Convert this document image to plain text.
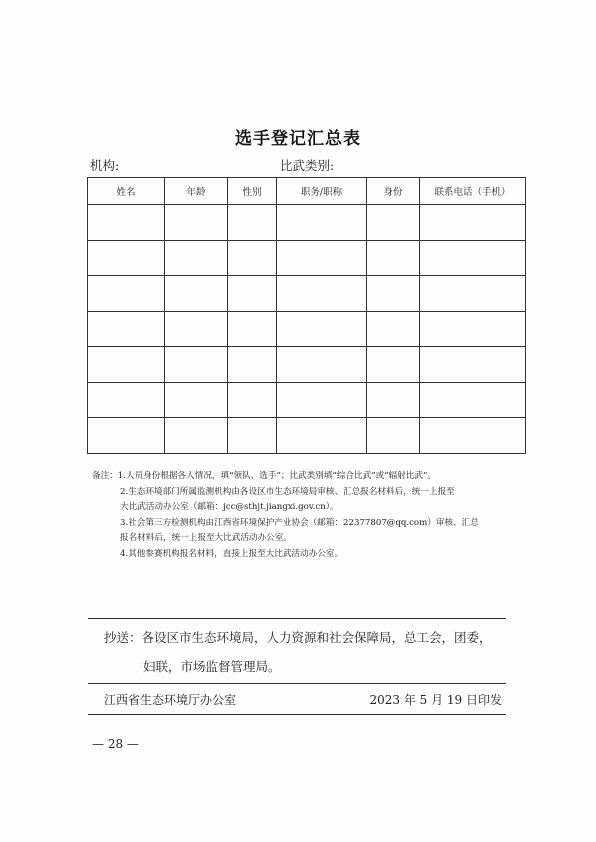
选手登记汇总表
机构:	比武类别:
姓名	年龄	性别	职务/职称	身份	联系电话（手机）

备注：1.人员身份根据各人情况，填“领队、选手”；比武类别填“综合比武”或“辐射比武”。
2.生态环境部门所属监测机构由各设区市生态环境局审核、汇总报名材料后，统一上报至
大比武活动办公室（邮箱：jcc@sthjt.jiangxi.gov.cn）。
3.社会第三方检测机构由江西省环境保护产业协会（邮箱：22377807@qq.com）审核、汇总
报名材料后，统一上报至大比武活动办公室。
4.其他参赛机构报名材料，直接上报至大比武活动办公室。
抄送：各设区市生态环境局，人力资源和社会保障局，总工会，团委，
妇联，市场监督管理局。
江西省生态环境厅办公室	2023 年 5 月 19 日印发
— 28 —
